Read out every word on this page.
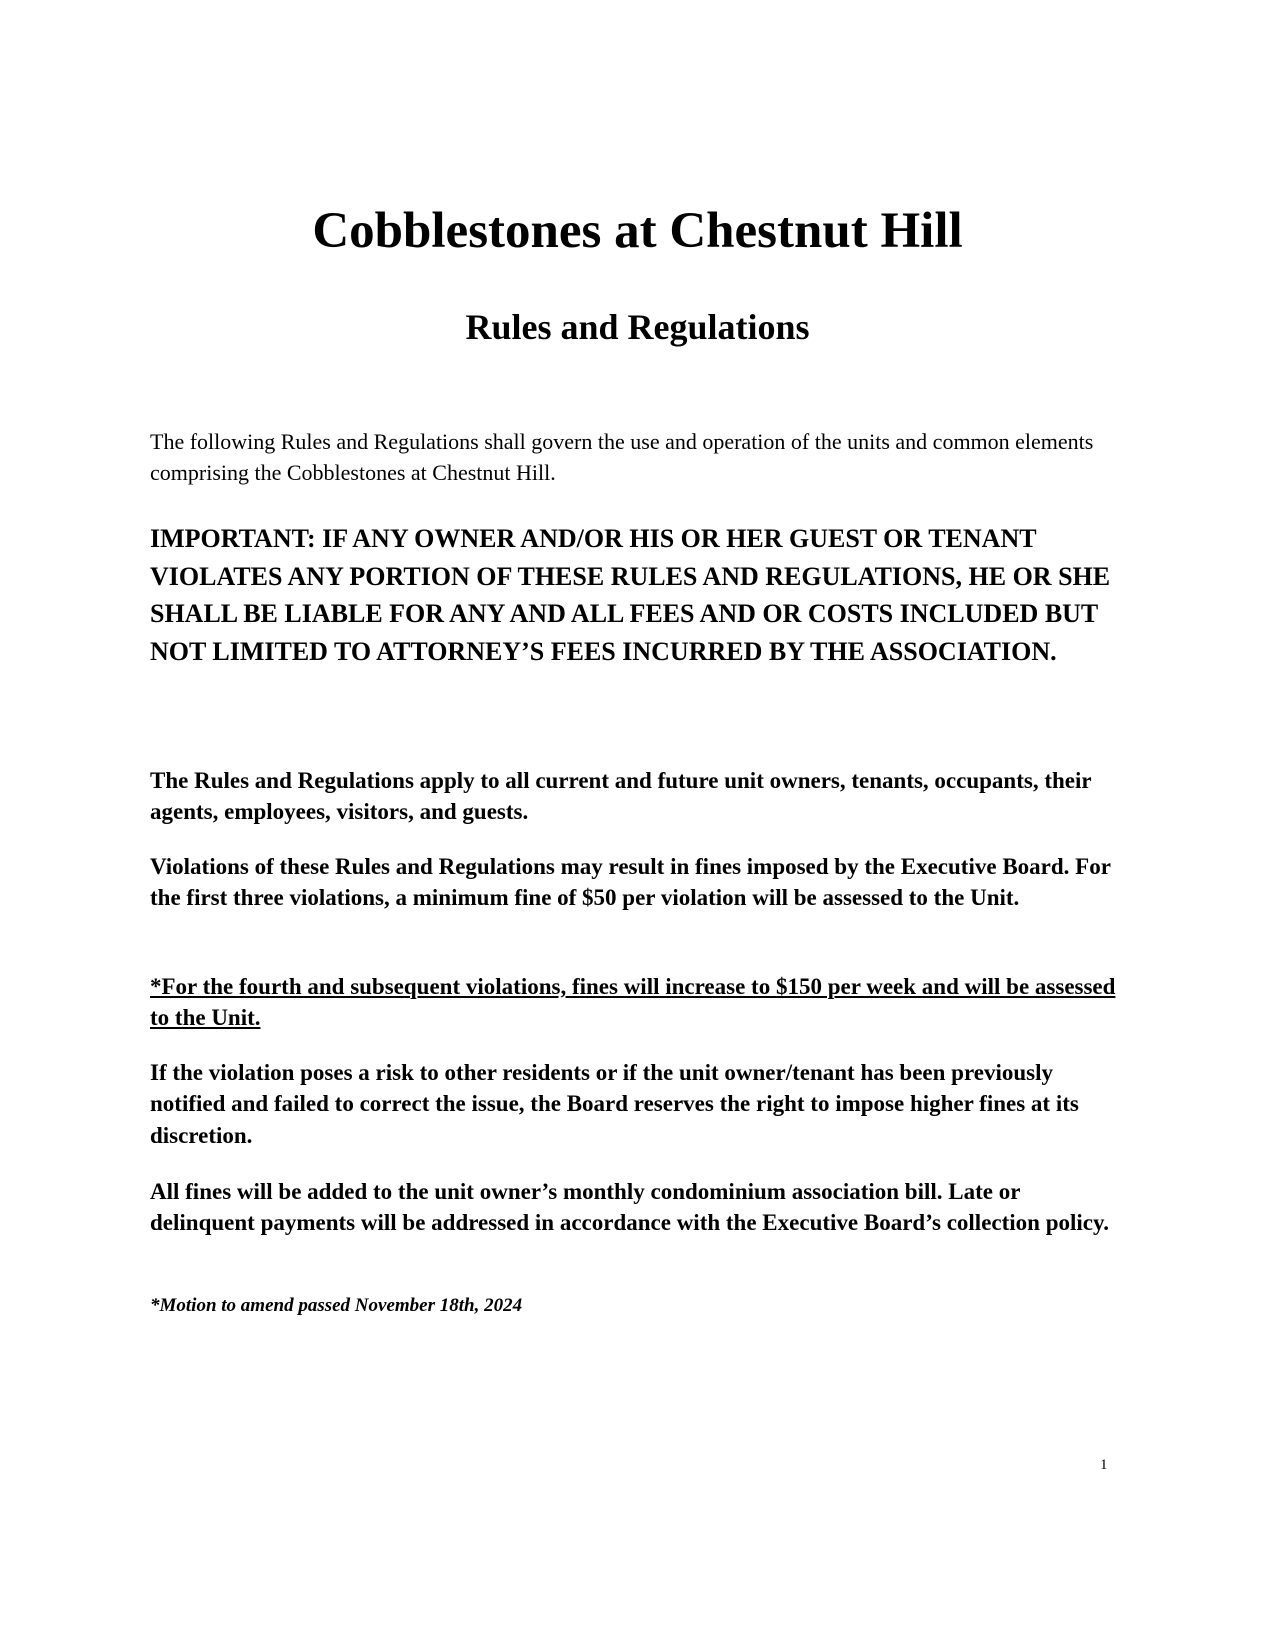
Cobblestones at Chestnut Hill
Rules and Regulations

The following Rules and Regulations shall govern the use and operation of the units and common elements comprising the Cobblestones at Chestnut Hill.

IMPORTANT: IF ANY OWNER AND/OR HIS OR HER GUEST OR TENANT VIOLATES ANY PORTION OF THESE RULES AND REGULATIONS, HE OR SHE SHALL BE LIABLE FOR ANY AND ALL FEES AND OR COSTS INCLUDED BUT NOT LIMITED TO ATTORNEY’S FEES INCURRED BY THE ASSOCIATION.

The Rules and Regulations apply to all current and future unit owners, tenants, occupants, their agents, employees, visitors, and guests.

Violations of these Rules and Regulations may result in fines imposed by the Executive Board. For the first three violations, a minimum fine of $50 per violation will be assessed to the Unit.

*For the fourth and subsequent violations, fines will increase to $150 per week and will be assessed to the Unit.

If the violation poses a risk to other residents or if the unit owner/tenant has been previously notified and failed to correct the issue, the Board reserves the right to impose higher fines at its discretion.

All fines will be added to the unit owner’s monthly condominium association bill. Late or delinquent payments will be addressed in accordance with the Executive Board’s collection policy.

*Motion to amend passed November 18th, 2024

1
